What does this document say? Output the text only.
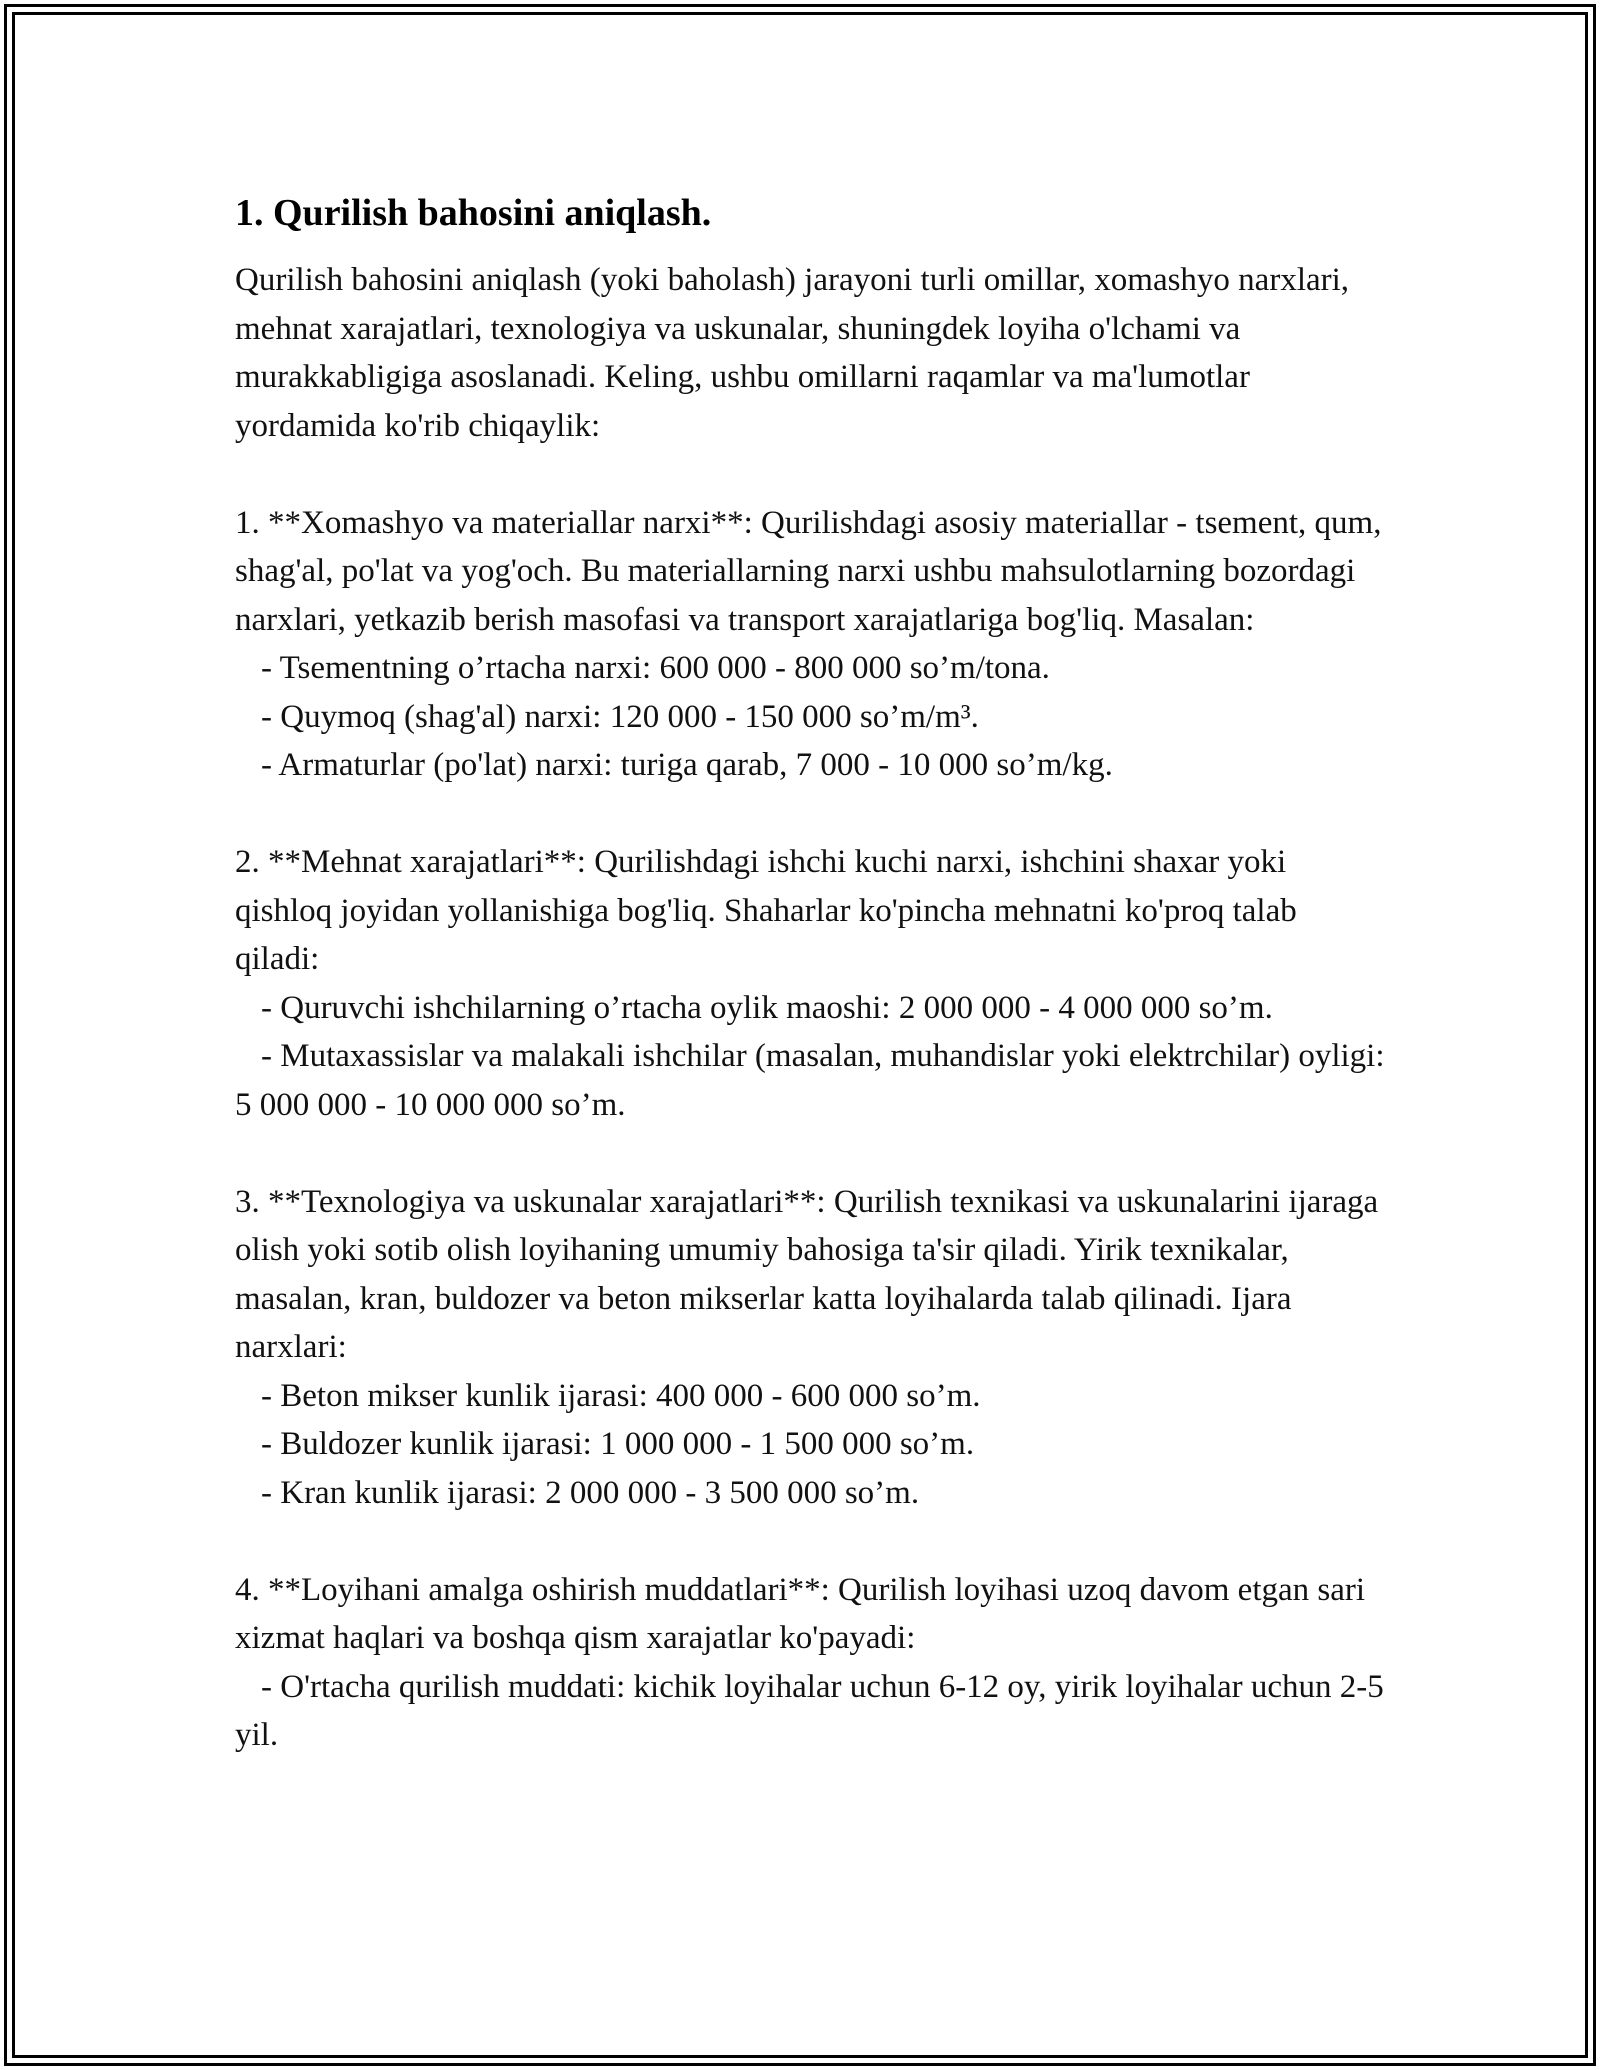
1. Qurilish bahosini aniqlash.

Qurilish bahosini aniqlash (yoki baholash) jarayoni turli omillar, xomashyo narxlari, mehnat xarajatlari, texnologiya va uskunalar, shuningdek loyiha o'lchami va murakkabligiga asoslanadi. Keling, ushbu omillarni raqamlar va ma'lumotlar yordamida ko'rib chiqaylik:

1. **Xomashyo va materiallar narxi**: Qurilishdagi asosiy materiallar - tsement, qum, shag'al, po'lat va yog'och. Bu materiallarning narxi ushbu mahsulotlarning bozordagi narxlari, yetkazib berish masofasi va transport xarajatlariga bog'liq. Masalan:

- Tsementning o’rtacha narxi: 600 000 - 800 000 so’m/tona.

- Quymoq (shag'al) narxi: 120 000 - 150 000 so’m/m³.

- Armaturlar (po'lat) narxi: turiga qarab, 7 000 - 10 000 so’m/kg.

2. **Mehnat xarajatlari**: Qurilishdagi ishchi kuchi narxi, ishchini shaxar yoki qishloq joyidan yollanishiga bog'liq. Shaharlar ko'pincha mehnatni ko'proq talab qiladi:

- Quruvchi ishchilarning o’rtacha oylik maoshi: 2 000 000 - 4 000 000 so’m.

- Mutaxassislar va malakali ishchilar (masalan, muhandislar yoki elektrchilar) oyligi: 5 000 000 - 10 000 000 so’m.

3. **Texnologiya va uskunalar xarajatlari**: Qurilish texnikasi va uskunalarini ijaraga olish yoki sotib olish loyihaning umumiy bahosiga ta'sir qiladi. Yirik texnikalar, masalan, kran, buldozer va beton mikserlar katta loyihalarda talab qilinadi. Ijara narxlari:

- Beton mikser kunlik ijarasi: 400 000 - 600 000 so’m.

- Buldozer kunlik ijarasi: 1 000 000 - 1 500 000 so’m.

- Kran kunlik ijarasi: 2 000 000 - 3 500 000 so’m.

4. **Loyihani amalga oshirish muddatlari**: Qurilish loyihasi uzoq davom etgan sari xizmat haqlari va boshqa qism xarajatlar ko'payadi:

- O'rtacha qurilish muddati: kichik loyihalar uchun 6-12 oy, yirik loyihalar uchun 2-5 yil.
